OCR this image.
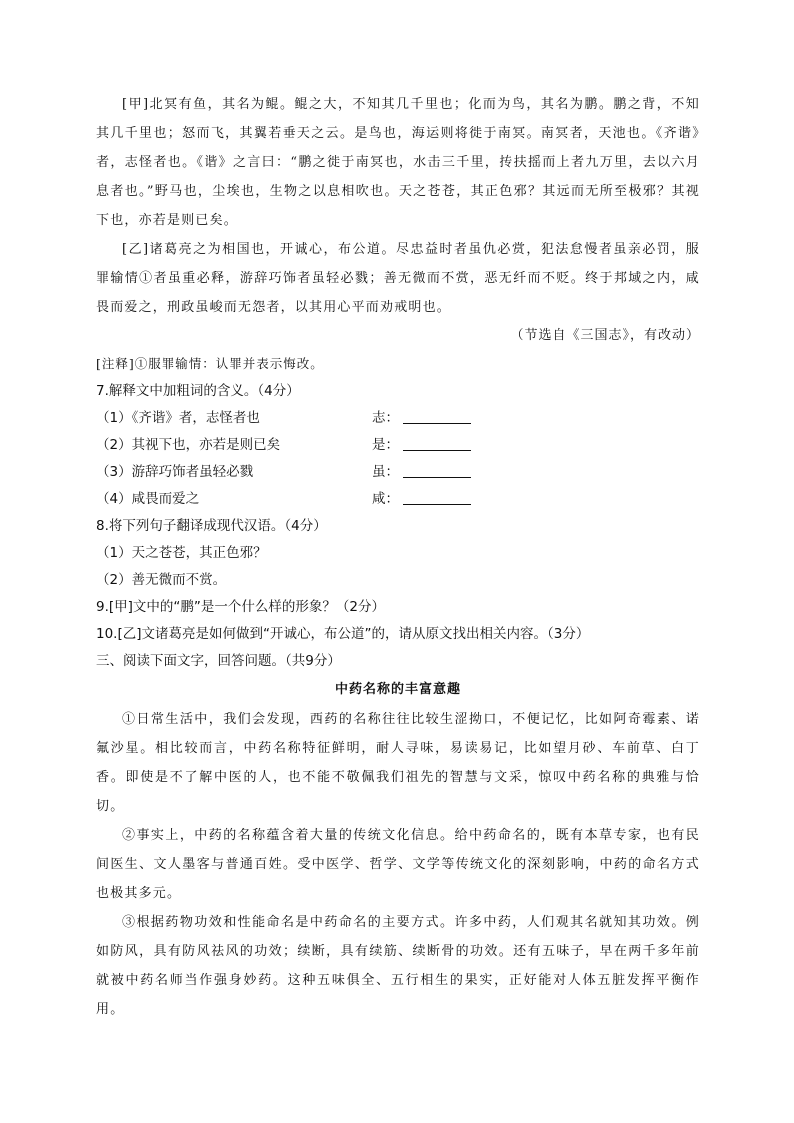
[甲]北冥有鱼，其名为鲲。鲲之大，不知其几千里也；化而为鸟，其名为鹏。鹏之背，不知其几千里也；怒而飞，其翼若垂天之云。是鸟也，海运则将徙于南冥。南冥者，天池也。《齐谐》者，志怪者也。《谐》之言曰：“鹏之徙于南冥也，水击三千里，抟扶摇而上者九万里，去以六月息者也。”野马也，尘埃也，生物之以息相吹也。天之苍苍，其正色邪？其远而无所至极邪？其视下也，亦若是则已矣。

[乙]诸葛亮之为相国也，开诚心，布公道。尽忠益时者虽仇必赏，犯法怠慢者虽亲必罚，服罪输情①者虽重必释，游辞巧饰者虽轻必戮；善无微而不赏，恶无纤而不贬。终于邦域之内，咸畏而爱之，刑政虽峻而无怨者，以其用心平而劝戒明也。

（节选自《三国志》，有改动）

[注释]①服罪输情：认罪并表示悔改。

7.解释文中加粗词的含义。（4分）

（1）《齐谐》者，志怪者也	志：
（2）其视下也，亦若是则已矣	是：
（3）游辞巧饰者虽轻必戮	虽：
（4）咸畏而爱之	咸：

8.将下列句子翻译成现代汉语。（4分）

（1）天之苍苍，其正色邪？

（2）善无微而不赏。

9.[甲]文中的“鹏”是一个什么样的形象？（2分）

10.[乙]文诸葛亮是如何做到“开诚心，布公道”的，请从原文找出相关内容。（3分）

三、阅读下面文字，回答问题。（共9分）

中药名称的丰富意趣

①日常生活中，我们会发现，西药的名称往往比较生涩拗口，不便记忆，比如阿奇霉素、诺氟沙星。相比较而言，中药名称特征鲜明，耐人寻味，易读易记，比如望月砂、车前草、白丁香。即使是不了解中医的人，也不能不敬佩我们祖先的智慧与文采，惊叹中药名称的典雅与恰切。

②事实上，中药的名称蕴含着大量的传统文化信息。给中药命名的，既有本草专家，也有民间医生、文人墨客与普通百姓。受中医学、哲学、文学等传统文化的深刻影响，中药的命名方式也极其多元。

③根据药物功效和性能命名是中药命名的主要方式。许多中药，人们观其名就知其功效。例如防风，具有防风祛风的功效；续断，具有续筋、续断骨的功效。还有五味子，早在两千多年前就被中药名师当作强身妙药。这种五味俱全、五行相生的果实，正好能对人体五脏发挥平衡作用。
